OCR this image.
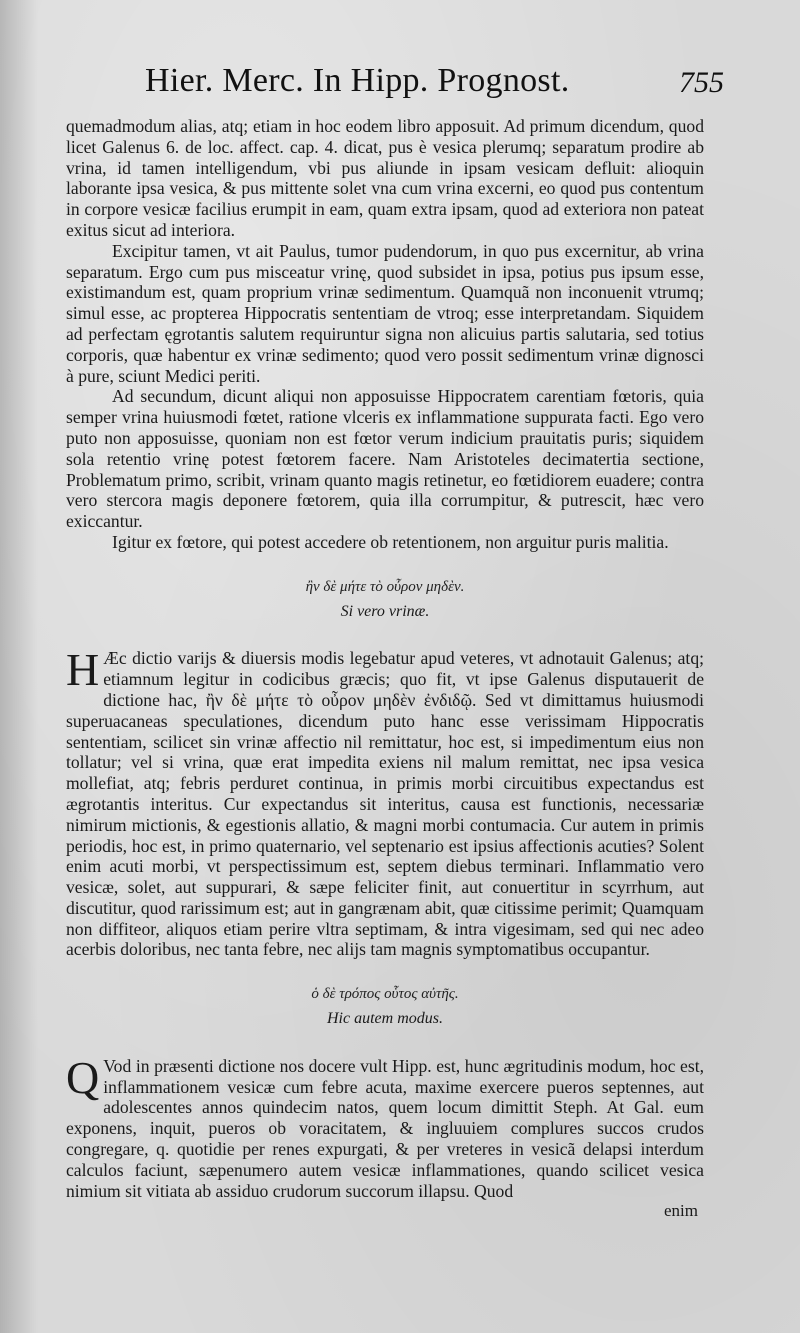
Hier. Merc. In Hipp. Prognost.	755

quemadmodum alias, atq; etiam in hoc eodem libro apposuit. Ad primum dicendum, quod licet Galenus 6. de loc. affect. cap. 4. dicat, pus è vesica plerumq; separatum prodire ab vrina, id tamen intelligendum, vbi pus aliunde in ipsam vesicam defluit: alioquin laborante ipsa vesica, & pus mittente solet vna cum vrina excerni, eo quod pus contentum in corpore vesicæ facilius erumpit in eam, quam extra ipsam, quod ad exteriora non pateat exitus sicut ad interiora.

Excipitur tamen, vt ait Paulus, tumor pudendorum, in quo pus excernitur, ab vrina separatum. Ergo cum pus misceatur vrinę, quod subsidet in ipsa, potius pus ipsum esse, existimandum est, quam proprium vrinæ sedimentum. Quamquã non inconuenit vtrumq; simul esse, ac propterea Hippocratis sententiam de vtroq; esse interpretandam. Siquidem ad perfectam ęgrotantis salutem requiruntur signa non alicuius partis salutaria, sed totius corporis, quæ habentur ex vrinæ sedimento; quod vero possit sedimentum vrinæ dignosci à pure, sciunt Medici periti.

Ad secundum, dicunt aliqui non apposuisse Hippocratem carentiam fœtoris, quia semper vrina huiusmodi fœtet, ratione vlceris ex inflammatione suppurata facti. Ego vero puto non apposuisse, quoniam non est fœtor verum indicium prauitatis puris; siquidem sola retentio vrinę potest fœtorem facere. Nam Aristoteles decimatertia sectione, Problematum primo, scribit, vrinam quanto magis retinetur, eo fœtidiorem euadere; contra vero stercora magis deponere fœtorem, quia illa corrumpitur, & putrescit, hæc vero exiccantur.

Igitur ex fœtore, qui potest accedere ob retentionem, non arguitur puris malitia.

ἢν δὲ μήτε τὸ οὖρον μηδὲν.
Si vero vrinæ.

H Æc dictio varijs & diuersis modis legebatur apud veteres, vt adnotauit Galenus; atq; etiamnum legitur in codicibus græcis; quo fit, vt ipse Galenus disputauerit de dictione hac, ἢν δὲ μήτε τὸ οὖρον μηδὲν ἐνδιδῷ. Sed vt dimittamus huiusmodi superuacaneas speculationes, dicendum puto hanc esse verissimam Hippocratis sententiam, scilicet sin vrinæ affectio nil remittatur, hoc est, si impedimentum eius non tollatur; vel si vrina, quæ erat impedita exiens nil malum remittat, nec ipsa vesica mollefiat, atq; febris perduret continua, in primis morbi circuitibus expectandus est ægrotantis interitus. Cur expectandus sit interitus, causa est functionis, necessariæ nimirum mictionis, & egestionis allatio, & magni morbi contumacia. Cur autem in primis periodis, hoc est, in primo quaternario, vel septenario est ipsius affectionis acuties? Solent enim acuti morbi, vt perspectissimum est, septem diebus terminari. Inflammatio vero vesicæ, solet, aut suppurari, & sæpe feliciter finit, aut conuertitur in scyrrhum, aut discutitur, quod rarissimum est; aut in gangrænam abit, quæ citissime perimit; Quamquam non diffiteor, aliquos etiam perire vltra septimam, & intra vigesimam, sed qui nec adeo acerbis doloribus, nec tanta febre, nec alijs tam magnis symptomatibus occupantur.

ὁ δὲ τρόπος οὗτος αὐτῆς.
Hic autem modus.

Q Vod in præsenti dictione nos docere vult Hipp. est, hunc ægritudinis modum, hoc est, inflammationem vesicæ cum febre acuta, maxime exercere pueros septennes, aut adolescentes annos quindecim natos, quem locum dimittit Steph. At Gal. eum exponens, inquit, pueros ob voracitatem, & ingluuiem complures succos crudos congregare, q. quotidie per renes expurgati, & per vreteres in vesicã delapsi interdum calculos faciunt, sæpenumero autem vesicæ inflammationes, quando scilicet vesica nimium sit vitiata ab assiduo crudorum succorum illapsu. Quod

enim
